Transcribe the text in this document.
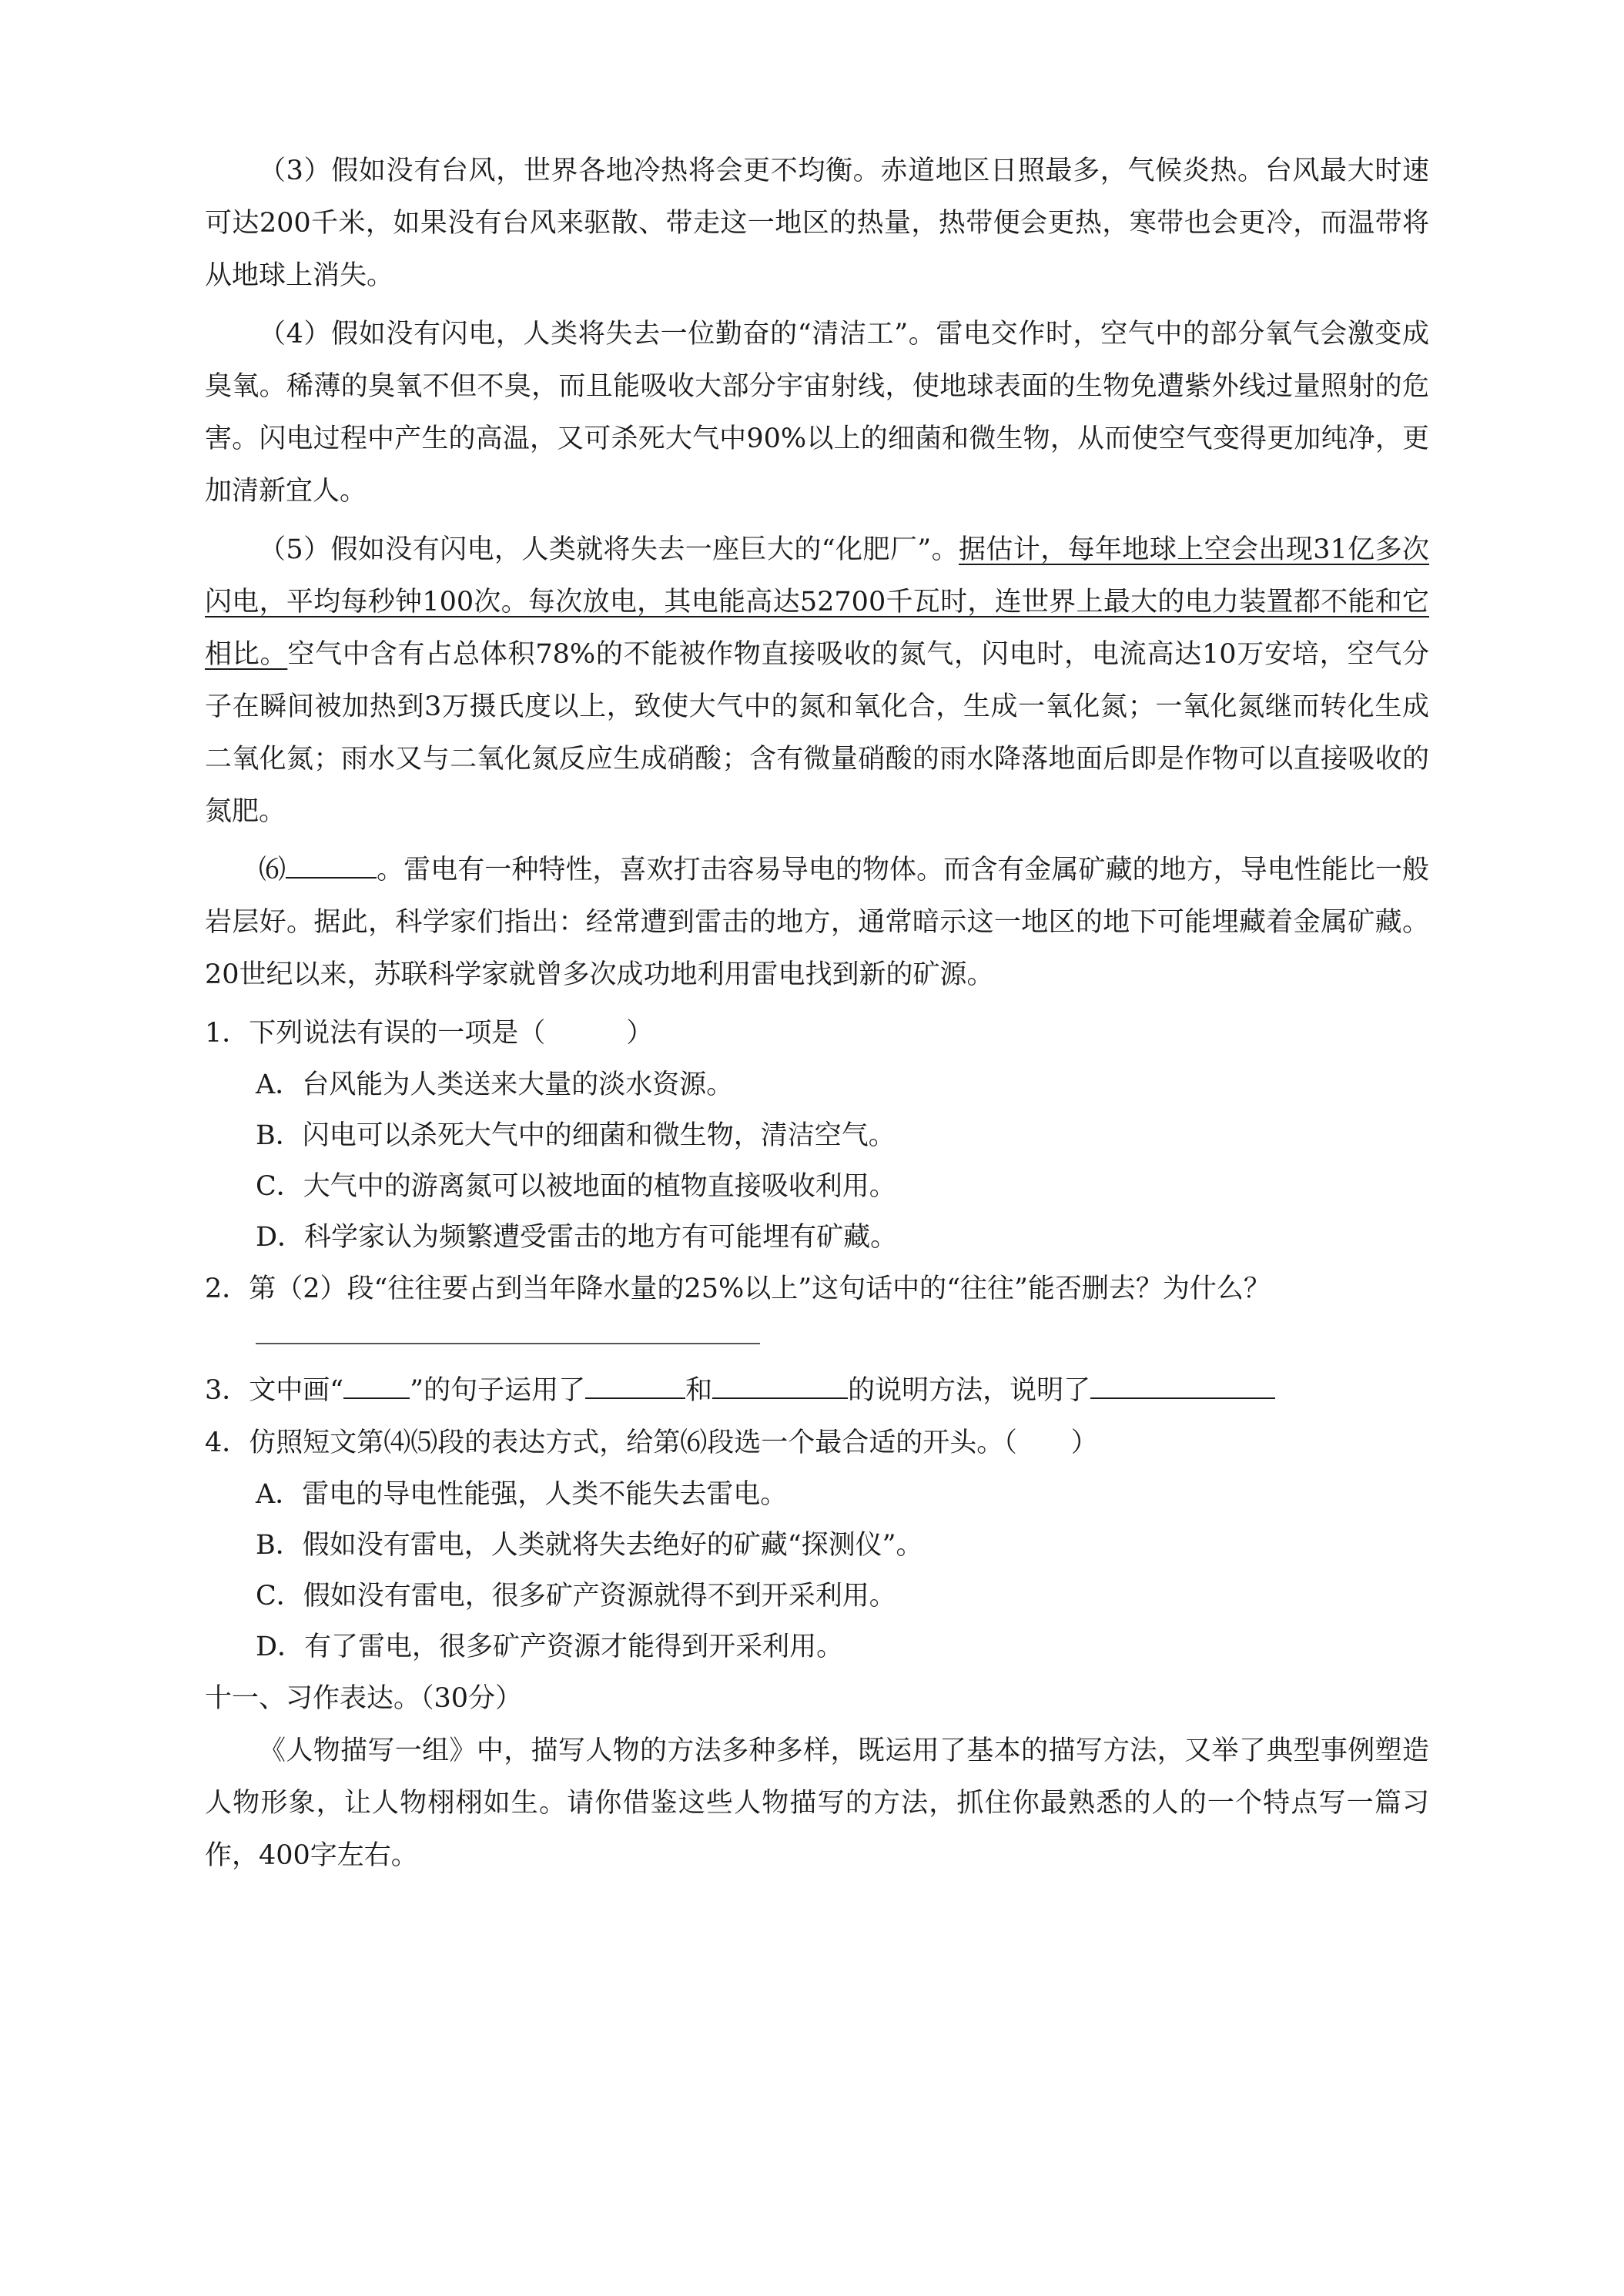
（3）假如没有台风，世界各地冷热将会更不均衡。赤道地区日照最多，气候炎热。台风最大时速可达200千米，如果没有台风来驱散、带走这一地区的热量，热带便会更热，寒带也会更冷，而温带将从地球上消失。

（4）假如没有闪电，人类将失去一位勤奋的“清洁工”。雷电交作时，空气中的部分氧气会激变成臭氧。稀薄的臭氧不但不臭，而且能吸收大部分宇宙射线，使地球表面的生物免遭紫外线过量照射的危害。闪电过程中产生的高温，又可杀死大气中90%以上的细菌和微生物，从而使空气变得更加纯净，更加清新宜人。

（5）假如没有闪电，人类就将失去一座巨大的“化肥厂”。据估计，每年地球上空会出现31亿多次闪电，平均每秒钟100次。每次放电，其电能高达52700千瓦时，连世界上最大的电力装置都不能和它相比。空气中含有占总体积78%的不能被作物直接吸收的氮气，闪电时，电流高达10万安培，空气分子在瞬间被加热到3万摄氏度以上，致使大气中的氮和氧化合，生成一氧化氮；一氧化氮继而转化生成二氧化氮；雨水又与二氧化氮反应生成硝酸；含有微量硝酸的雨水降落地面后即是作物可以直接吸收的氮肥。

⑹	。雷电有一种特性，喜欢打击容易导电的物体。而含有金属矿藏的地方，导电性能比一般岩层好。据此，科学家们指出：经常遭到雷击的地方，通常暗示这一地区的地下可能埋藏着金属矿藏。20世纪以来，苏联科学家就曾多次成功地利用雷电找到新的矿源。

1．下列说法有误的一项是（　　　）

A．台风能为人类送来大量的淡水资源。

B．闪电可以杀死大气中的细菌和微生物，清洁空气。

C．大气中的游离氮可以被地面的植物直接吸收利用。

D．科学家认为频繁遭受雷击的地方有可能埋有矿藏。

2．第（2）段“往往要占到当年降水量的25%以上”这句话中的“往往”能否删去？为什么？

3．文中画“ ”的句子运用了	和	的说明方法，说明了

4．仿照短文第⑷⑸段的表达方式，给第⑹段选一个最合适的开头。（　　）

A．雷电的导电性能强，人类不能失去雷电。

B．假如没有雷电，人类就将失去绝好的矿藏“探测仪”。

C．假如没有雷电，很多矿产资源就得不到开采利用。

D．有了雷电，很多矿产资源才能得到开采利用。

十一、习作表达。（30分）

《人物描写一组》中，描写人物的方法多种多样，既运用了基本的描写方法，又举了典型事例塑造人物形象，让人物栩栩如生。请你借鉴这些人物描写的方法，抓住你最熟悉的人的一个特点写一篇习作，400字左右。
